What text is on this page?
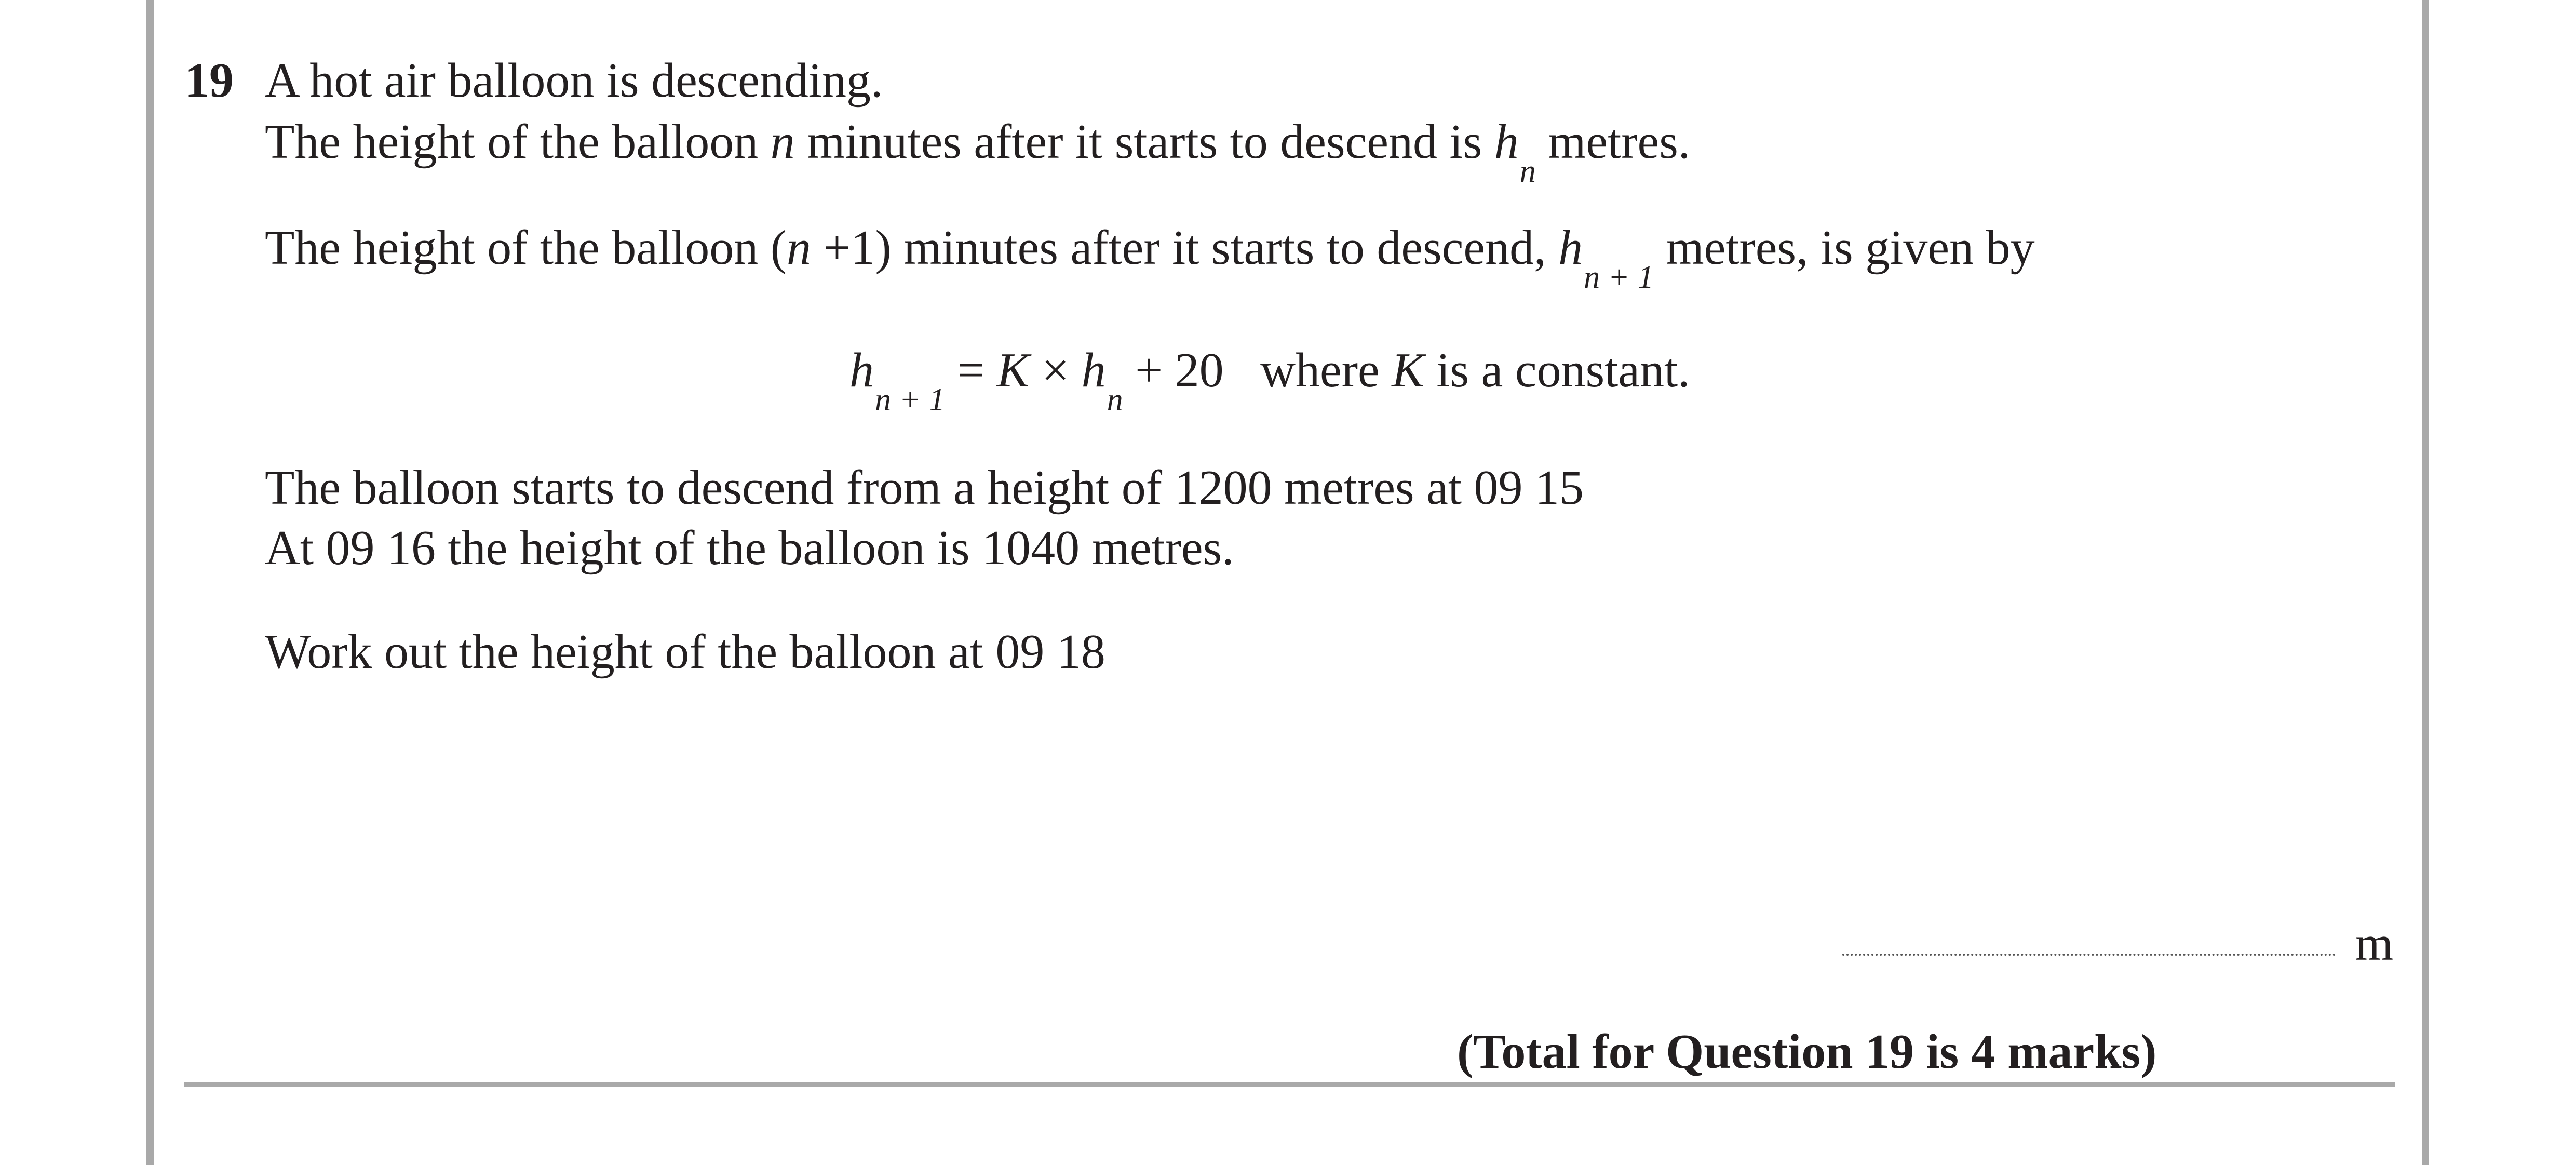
19 A hot air balloon is descending.
The height of the balloon n minutes after it starts to descend is $h_n$ metres.
The height of the balloon (n +1) minutes after it starts to descend, $h_{n + 1}$ metres, is given by
$h_{n + 1} = K \times h_n + 20$   where K is a constant.
The balloon starts to descend from a height of 1200 metres at 09 15
At 09 16 the height of the balloon is 1040 metres.
Work out the height of the balloon at 09 18
m
(Total for Question 19 is 4 marks)
